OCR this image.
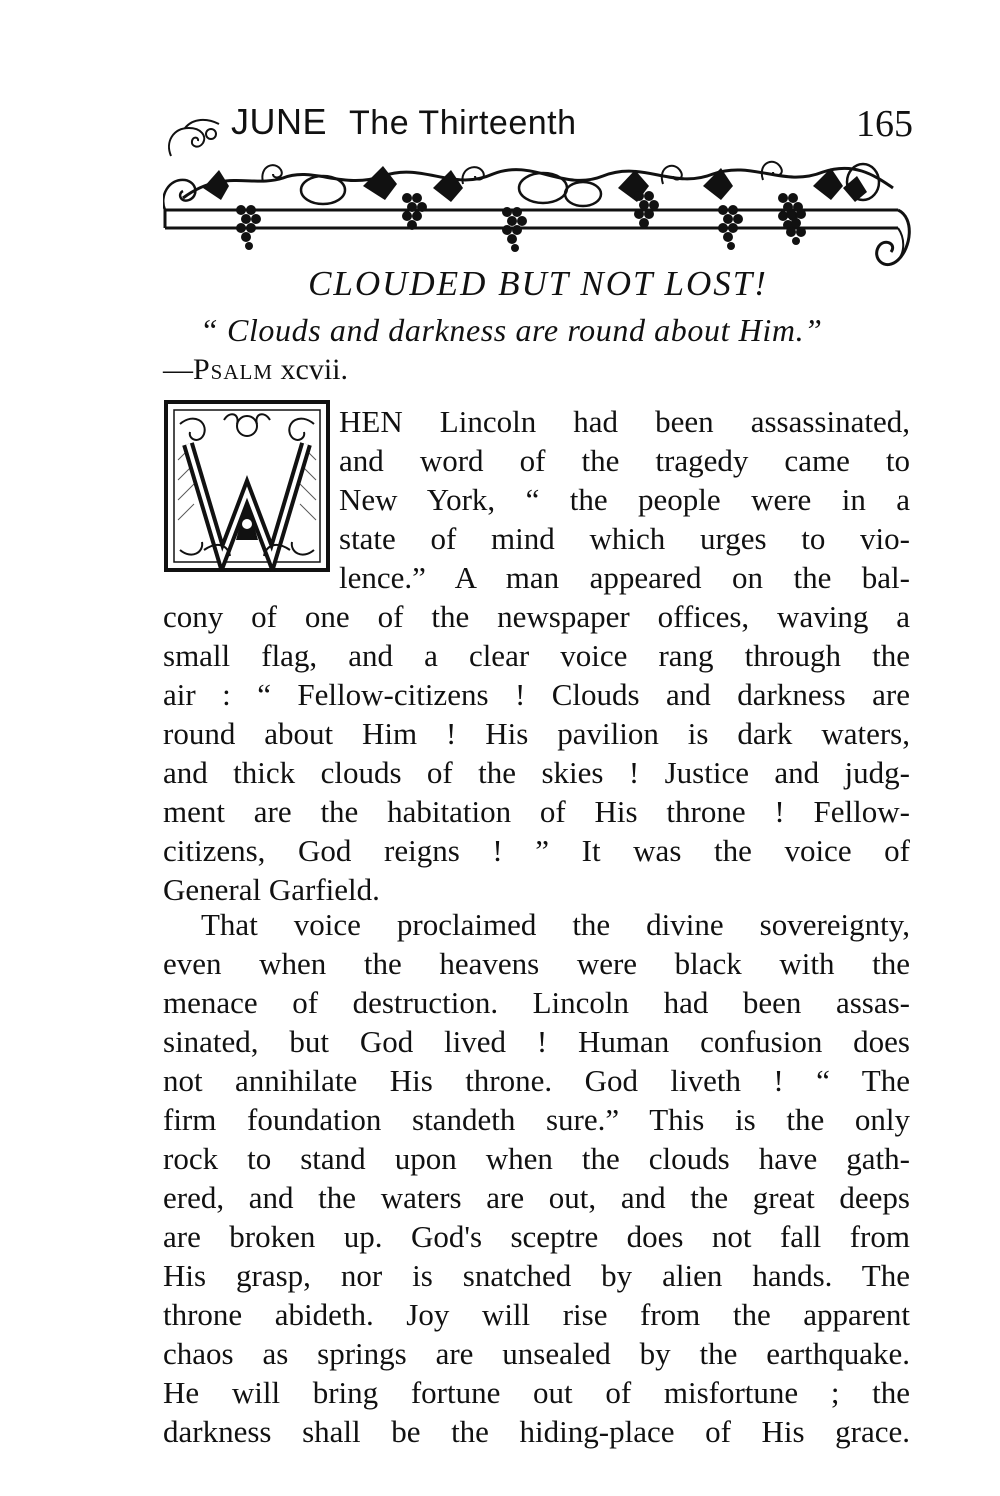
JUNE The Thirteenth	165
CLOUDED BUT NOT LOST!
“ Clouds and darkness are round about Him.”
—Psalm xcvii.

HEN Lincoln had been assassinated,

and word of the tragedy came to

New York, “ the people were in a

state of mind which urges to vio-

lence.” A man appeared on the bal-

cony of one of the newspaper offices, waving a

small flag, and a clear voice rang through the

air : “ Fellow-citizens ! Clouds and darkness are

round about Him ! His pavilion is dark waters,

and thick clouds of the skies ! Justice and judg-

ment are the habitation of His throne ! Fellow-

citizens, God reigns ! ” It was the voice of

General Garfield.

That voice proclaimed the divine sovereignty,

even when the heavens were black with the

menace of destruction. Lincoln had been assas-

sinated, but God lived ! Human confusion does

not annihilate His throne. God liveth ! “ The

firm foundation standeth sure.” This is the only

rock to stand upon when the clouds have gath-

ered, and the waters are out, and the great deeps

are broken up. God's sceptre does not fall from

His grasp, nor is snatched by alien hands. The

throne abideth. Joy will rise from the apparent

chaos as springs are unsealed by the earthquake.

He will bring fortune out of misfortune ; the

darkness shall be the hiding-place of His grace.
